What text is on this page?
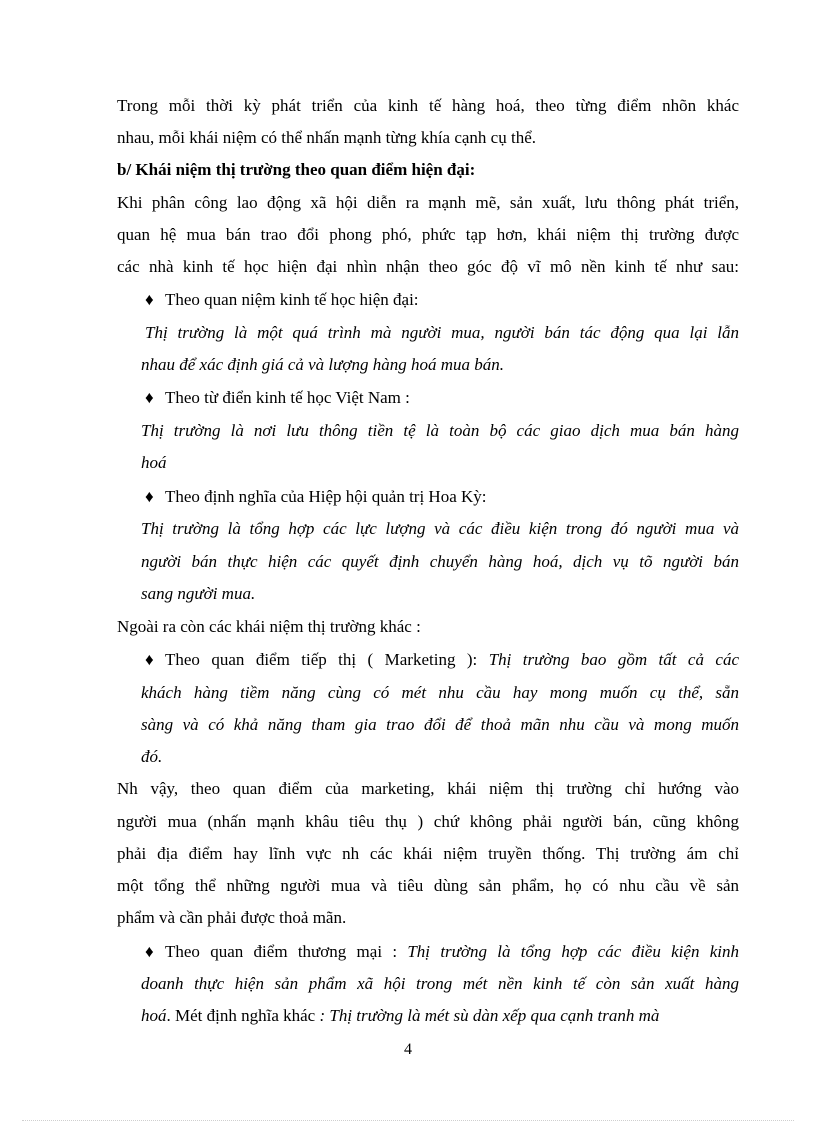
Trong mỗi thời kỳ phát triển của kinh tế hàng hoá, theo từng điểm nhõn khác
nhau, mỗi khái niệm có thể nhấn mạnh từng khía cạnh cụ thể.
b/ Khái niệm thị trường theo quan điểm hiện đại:
Khi phân công lao động xã hội diễn ra mạnh mẽ, sản xuất, lưu thông phát triển,
quan hệ mua bán trao đổi phong phó, phức tạp hơn, khái niệm thị trường được
các nhà kinh tế học hiện đại nhìn nhận theo góc độ vĩ mô nền kinh tế như sau:
♦ Theo quan niệm kinh tế học hiện đại:
Thị trường là một quá trình mà người mua, người bán tác động qua lại lẫn
nhau để xác định giá cả và lượng hàng hoá mua bán.
♦ Theo từ điển kinh tế học Việt Nam :
Thị trường là nơi lưu thông tiền tệ là toàn bộ các giao dịch mua bán hàng
hoá
♦ Theo định nghĩa của Hiệp hội quản trị Hoa Kỳ:
Thị trường là tổng hợp các lực lượng và các điều kiện trong đó người mua và
người bán thực hiện các quyết định chuyển hàng hoá, dịch vụ tõ người bán
sang người mua.
Ngoài ra còn các khái niệm thị trường khác :
♦ Theo quan điểm tiếp thị ( Marketing ): Thị trường bao gồm tất cả các
khách hàng tiềm năng cùng có mét nhu cầu hay mong muốn cụ thể, sẵn
sàng và có khả năng tham gia trao đổi để thoả mãn nhu cầu và mong muốn
đó.
Nh vậy, theo quan điểm của marketing, khái niệm thị trường chỉ hướng vào
người mua (nhấn mạnh khâu tiêu thụ ) chứ không phải người bán, cũng không
phải địa điểm hay lĩnh vực nh các khái niệm truyền thống. Thị trường ám chỉ
một tổng thể những người mua và tiêu dùng sản phẩm, họ có nhu cầu về sản
phẩm và cần phải được thoả mãn.
♦ Theo quan điểm thương mại : Thị trường là tổng hợp các điều kiện kinh
doanh thực hiện sản phẩm xã hội trong mét nền kinh tế còn sản xuất hàng
hoá. Mét định nghĩa khác : Thị trường là mét sù dàn xếp qua cạnh tranh mà
4
